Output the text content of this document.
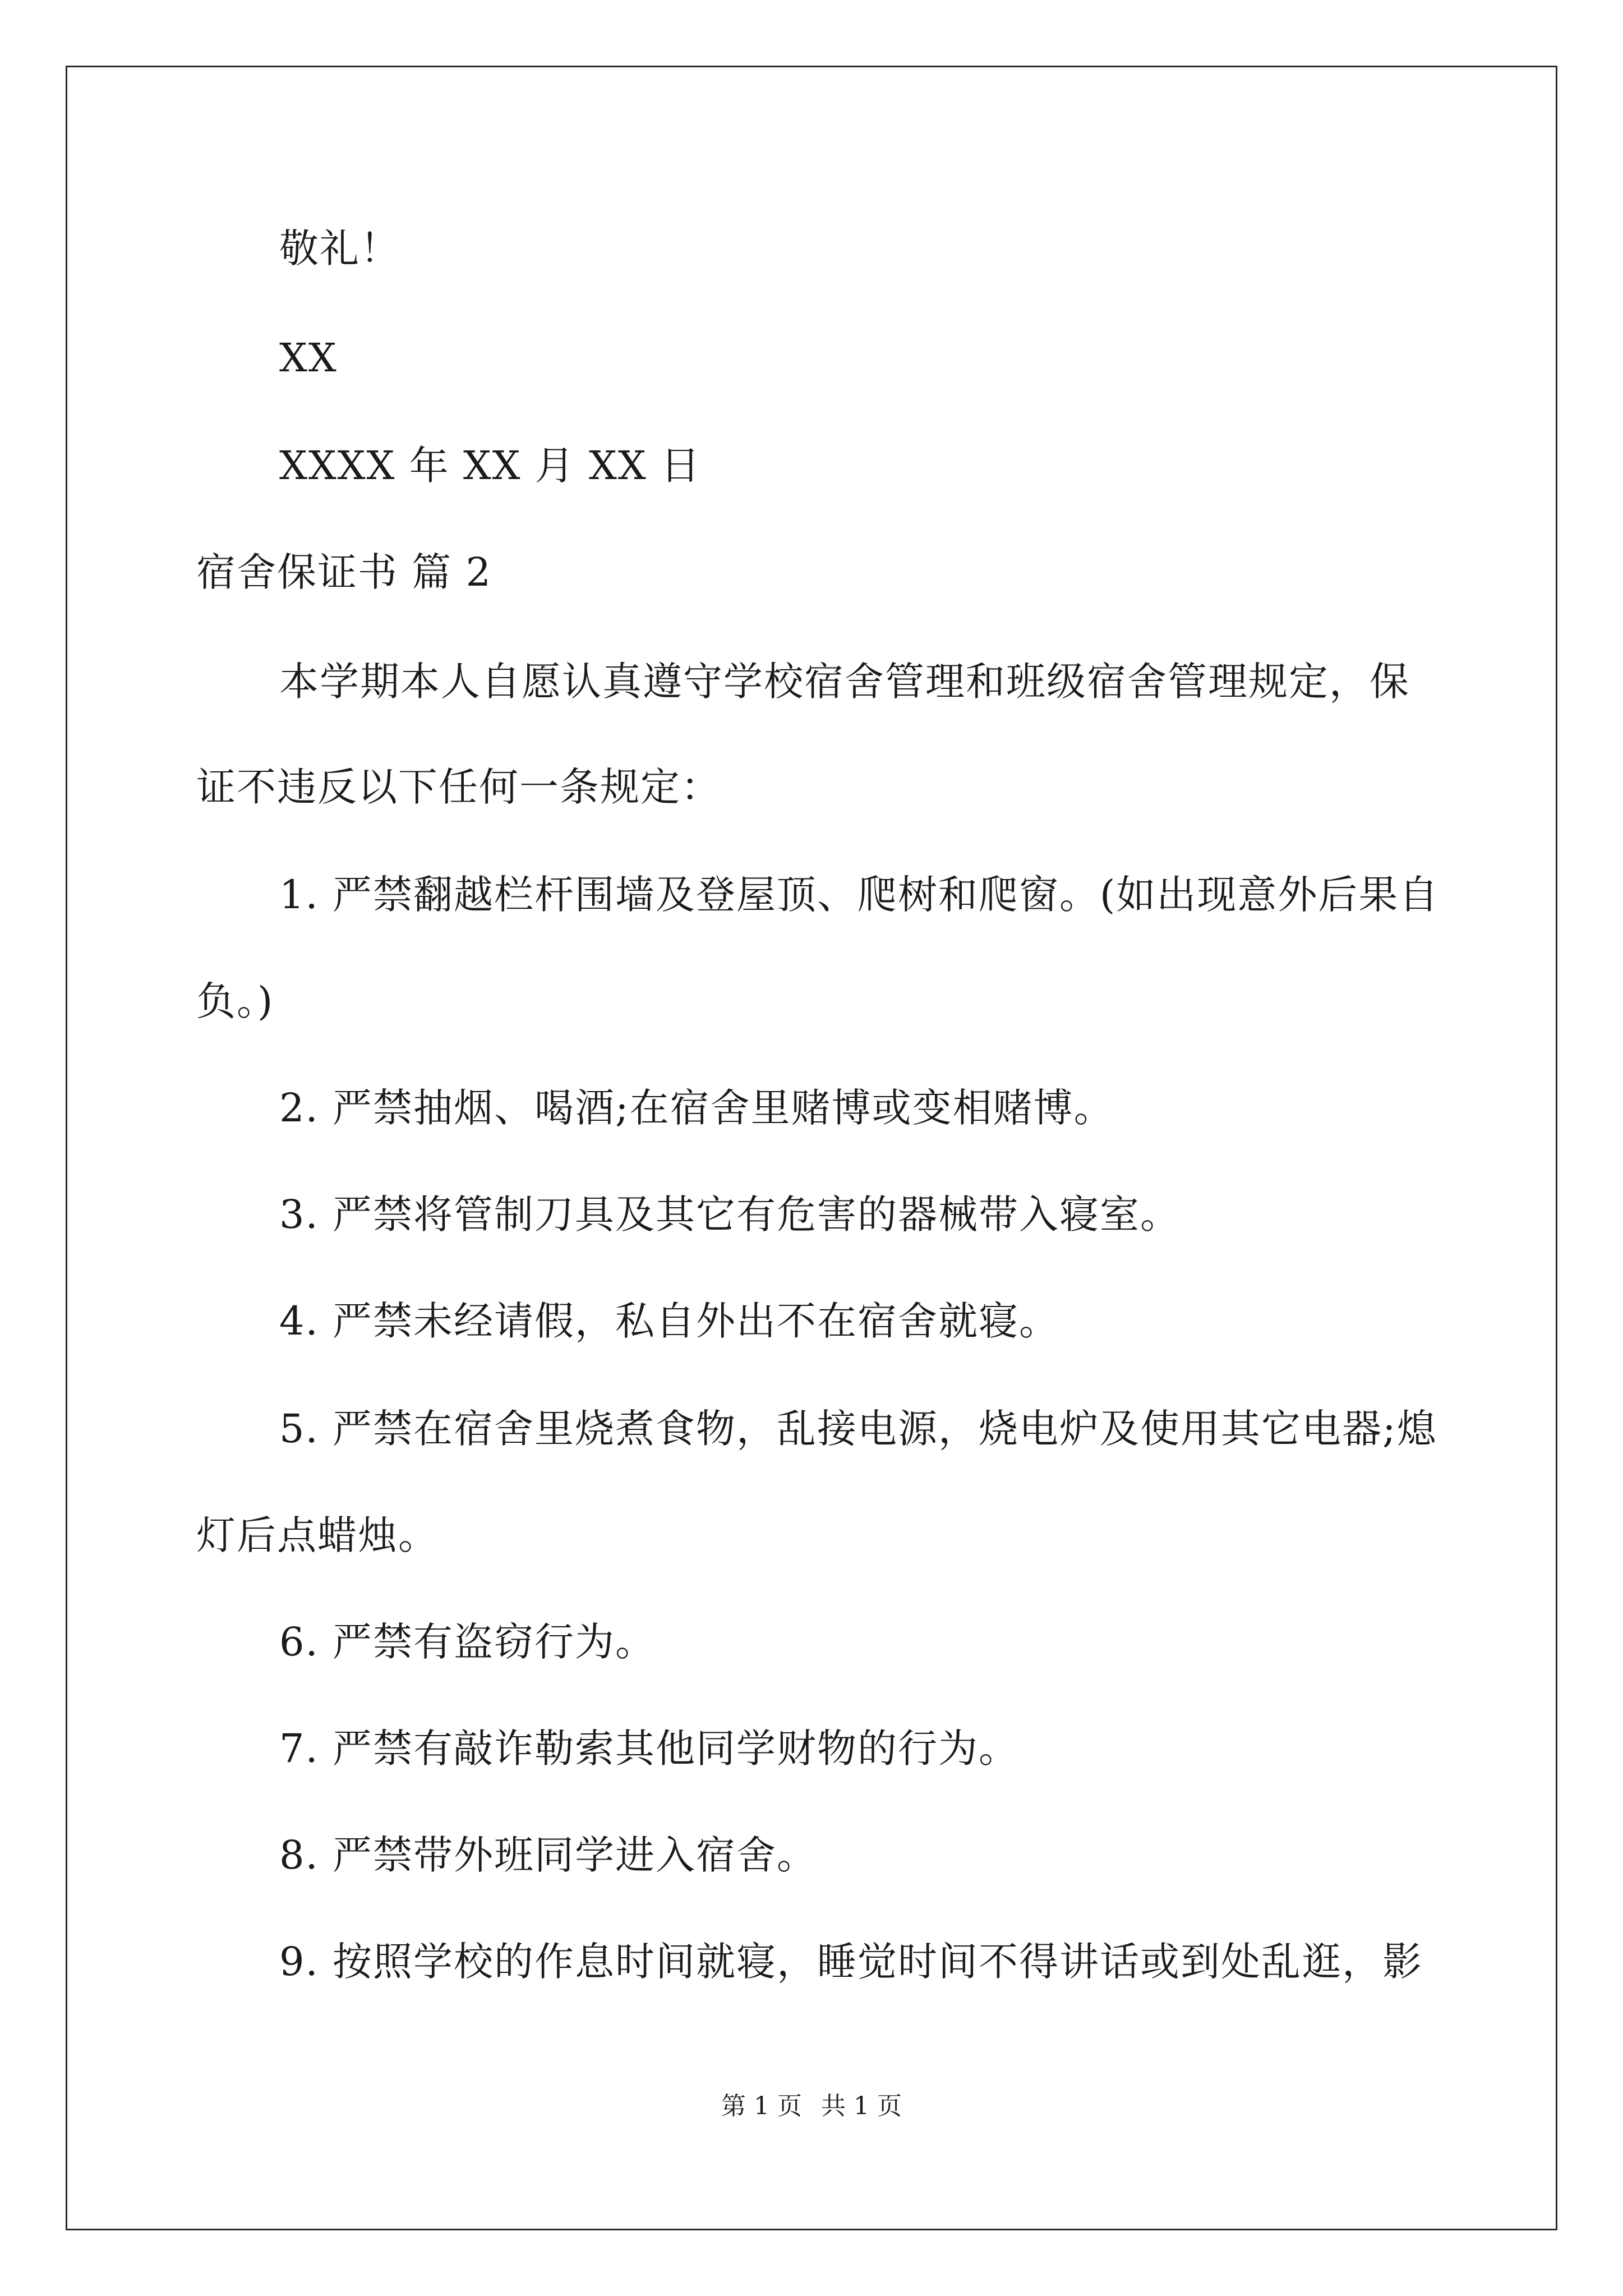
敬礼！
XX
XXXX 年 XX 月 XX 日
宿舍保证书 篇 2
本学期本人自愿认真遵守学校宿舍管理和班级宿舍管理规定，保
证不违反以下任何一条规定：
1. 严禁翻越栏杆围墙及登屋顶、爬树和爬窗。(如出现意外后果自
负。)
2. 严禁抽烟、喝酒;在宿舍里赌博或变相赌博。
3. 严禁将管制刀具及其它有危害的器械带入寝室。
4. 严禁未经请假，私自外出不在宿舍就寝。
5. 严禁在宿舍里烧煮食物，乱接电源，烧电炉及使用其它电器;熄
灯后点蜡烛。
6. 严禁有盗窃行为。
7. 严禁有敲诈勒索其他同学财物的行为。
8. 严禁带外班同学进入宿舍。
9. 按照学校的作息时间就寝，睡觉时间不得讲话或到处乱逛，影
第 1 页 共 1 页
